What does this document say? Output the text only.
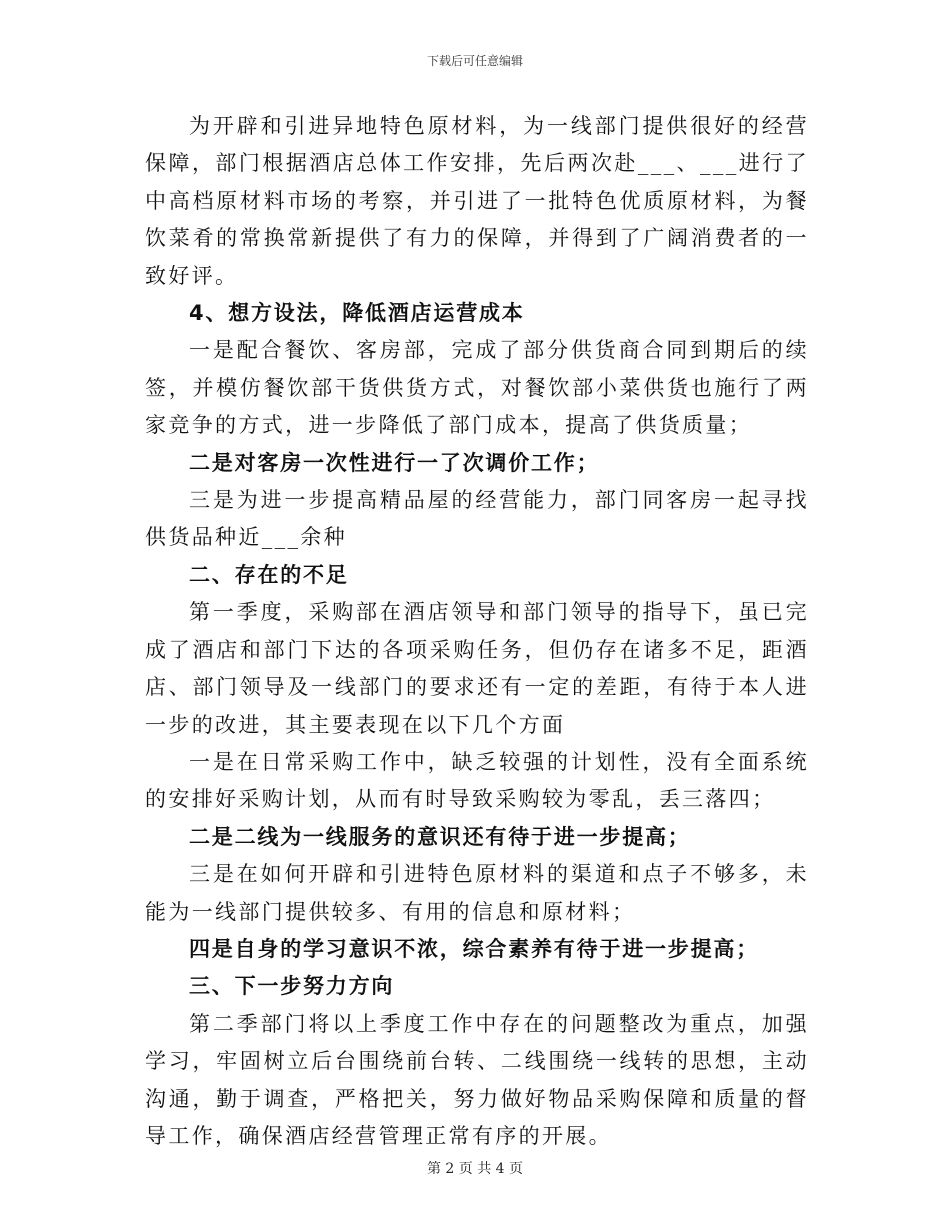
下载后可任意编辑

为开辟和引进异地特色原材料，为一线部门提供很好的经营保障，部门根据酒店总体工作安排，先后两次赴___、___进行了中高档原材料市场的考察，并引进了一批特色优质原材料，为餐饮菜肴的常换常新提供了有力的保障，并得到了广阔消费者的一致好评。

4、想方设法，降低酒店运营成本

一是配合餐饮、客房部，完成了部分供货商合同到期后的续签，并模仿餐饮部干货供货方式，对餐饮部小菜供货也施行了两家竞争的方式，进一步降低了部门成本，提高了供货质量；

二是对客房一次性进行一了次调价工作；

三是为进一步提高精品屋的经营能力，部门同客房一起寻找供货品种近___余种

二、存在的不足

第一季度，采购部在酒店领导和部门领导的指导下，虽已完成了酒店和部门下达的各项采购任务，但仍存在诸多不足，距酒店、部门领导及一线部门的要求还有一定的差距，有待于本人进一步的改进，其主要表现在以下几个方面

一是在日常采购工作中，缺乏较强的计划性，没有全面系统的安排好采购计划，从而有时导致采购较为零乱，丢三落四；

二是二线为一线服务的意识还有待于进一步提高；

三是在如何开辟和引进特色原材料的渠道和点子不够多，未能为一线部门提供较多、有用的信息和原材料；

四是自身的学习意识不浓，综合素养有待于进一步提高；

三、下一步努力方向

第二季部门将以上季度工作中存在的问题整改为重点，加强学习，牢固树立后台围绕前台转、二线围绕一线转的思想，主动沟通，勤于调查，严格把关，努力做好物品采购保障和质量的督导工作，确保酒店经营管理正常有序的开展。

第 2 页 共 4 页
